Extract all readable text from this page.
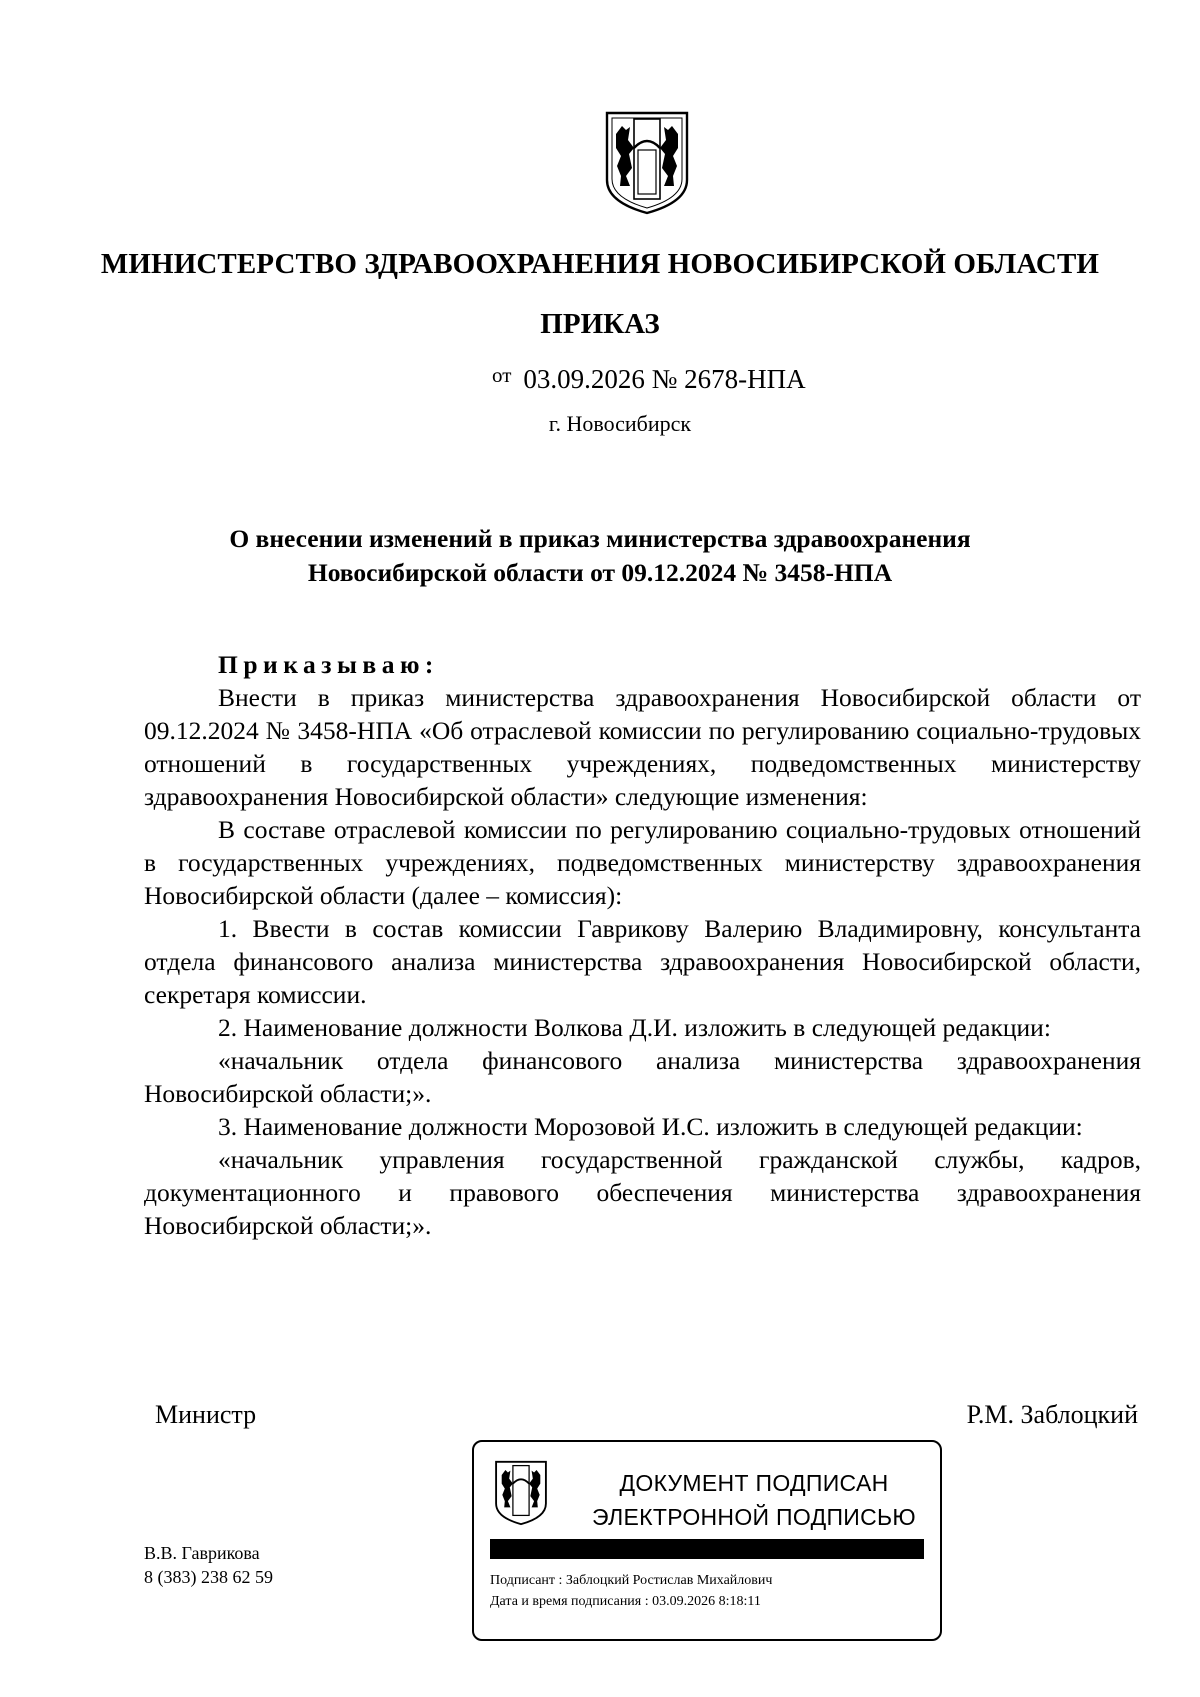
МИНИСТЕРСТВО ЗДРАВООХРАНЕНИЯ НОВОСИБИРСКОЙ ОБЛАСТИ
ПРИКАЗ
$^{от}$ 03.09.2026 № 2678-НПА
г. Новосибирск
О внесении изменений в приказ министерства здравоохранения
Новосибирской области от 09.12.2024 № 3458-НПА

Приказываю:

Внести в приказ министерства здравоохранения Новосибирской области от 09.12.2024 № 3458-НПА «Об отраслевой комиссии по регулированию социально-трудовых отношений в государственных учреждениях, подведомственных министерству здравоохранения Новосибирской области» следующие изменения:

В составе отраслевой комиссии по регулированию социально-трудовых отношений в государственных учреждениях, подведомственных министерству здравоохранения Новосибирской области (далее – комиссия):

1. Ввести в состав комиссии Гаврикову Валерию Владимировну, консультанта отдела финансового анализа министерства здравоохранения Новосибирской области, секретаря комиссии.

2. Наименование должности Волкова Д.И. изложить в следующей редакции:

«начальник отдела финансового анализа министерства здравоохранения Новосибирской области;».

3. Наименование должности Морозовой И.С. изложить в следующей редакции:

«начальник управления государственной гражданской службы, кадров, документационного и правового обеспечения министерства здравоохранения Новосибирской области;».

Министр	Р.М. Заблоцкий
В.В. Гаврикова
8 (383) 238 62 59
ДОКУМЕНТ ПОДПИСАН
ЭЛЕКТРОННОЙ ПОДПИСЬЮ
Подписант : Заблоцкий Ростислав Михайлович
Дата и время подписания : 03.09.2026 8:18:11
